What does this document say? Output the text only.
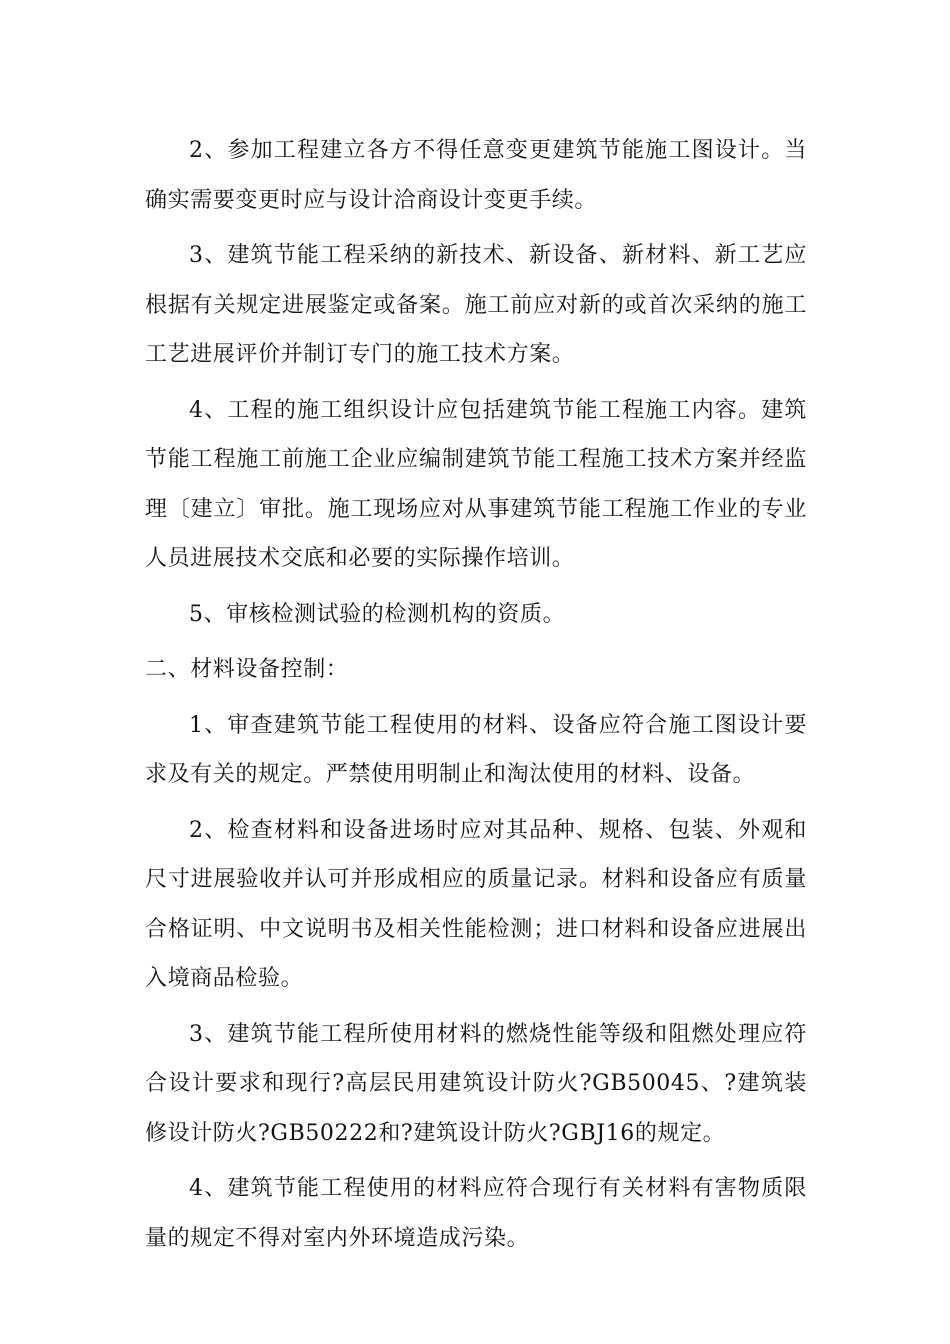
2、参加工程建立各方不得任意变更建筑节能施工图设计。当确实需要变更时应与设计洽商设计变更手续。

3、建筑节能工程采纳的新技术、新设备、新材料、新工艺应根据有关规定进展鉴定或备案。施工前应对新的或首次采纳的施工工艺进展评价并制订专门的施工技术方案。

4、工程的施工组织设计应包括建筑节能工程施工内容。建筑节能工程施工前施工企业应编制建筑节能工程施工技术方案并经监理〔建立〕审批。施工现场应对从事建筑节能工程施工作业的专业人员进展技术交底和必要的实际操作培训。

5、审核检测试验的检测机构的资质。

二、材料设备控制：

1、审查建筑节能工程使用的材料、设备应符合施工图设计要求及有关的规定。严禁使用明制止和淘汰使用的材料、设备。

2、检查材料和设备进场时应对其品种、规格、包装、外观和尺寸进展验收并认可并形成相应的质量记录。材料和设备应有质量合格证明、中文说明书及相关性能检测；进口材料和设备应进展出入境商品检验。

3、建筑节能工程所使用材料的燃烧性能等级和阻燃处理应符合设计要求和现行?高层民用建筑设计防火?GB50045、?建筑装修设计防火?GB50222和?建筑设计防火?GBJ16的规定。

4、建筑节能工程使用的材料应符合现行有关材料有害物质限量的规定不得对室内外环境造成污染。
